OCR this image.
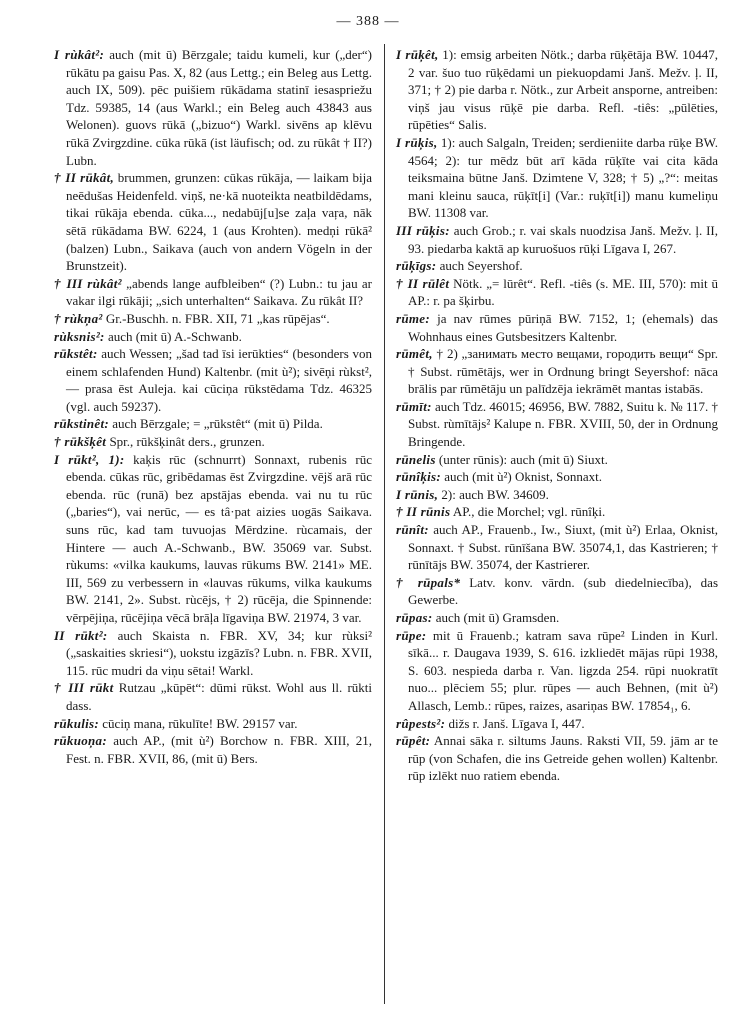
— 388 —

I rùkât²: auch (mit ū) Bērzgale; taidu kumeli, kur („der“) rūkātu pa gaisu Pas. X, 82 (aus Lettg.; ein Beleg aus Lettg. auch IX, 509). pēc puišiem rūkādama statinī iesaspriežu Tdz. 59385, 14 (aus Warkl.; ein Beleg auch 43843 aus Welonen). guovs rūkā („bizuo“) Warkl. sivēns ap klēvu rūkā Zvirgzdine. cūka rūkā (ist läufisch; od. zu rūkât † II?) Lubn.

† II rūkât, brummen, grunzen: cūkas rūkāja, — laikam bija neēdušas Heidenfeld. viņš, ne·kā nuoteikta neatbildēdams, tikai rūkāja ebenda. cūka..., nedabūj[u]se zaļa vaŗa, nāk sētā rūkādama BW. 6224, 1 (aus Krohten). medņi rūkā² (balzen) Lubn., Saikava (auch von andern Vögeln in der Brunstzeit).

† III rùkât² „abends lange aufbleiben“ (?) Lubn.: tu jau ar vakar ilgi rūkāji; „sich unterhalten“ Saikava. Zu rūkât II?

† rùkņa² Gr.-Buschh. n. FBR. XII, 71 „kas rūpējas“.

rùksnis²: auch (mit ū) A.-Schwanb.

rūkstêt: auch Wessen; „šad tad īsi ierūkties“ (besonders von einem schlafenden Hund) Kaltenbr. (mit ù²); sivēņi rùkst², — prasa ēst Auleja. kai cūciņa rūkstēdama Tdz. 46325 (vgl. auch 59237).

rūkstinêt: auch Bērzgale; = „rūkstêt“ (mit ū) Pilda.

† rūkšķêt Spr., rūkšķinât ders., grunzen.

I rūkt², 1): kaķis rūc (schnurrt) Sonnaxt, rubenis rūc ebenda. cūkas rūc, gribēdamas ēst Zvirgzdine. vējš arā rūc ebenda. rūc (runā) bez apstājas ebenda. vai nu tu rūc („baries“), vai nerūc, — es tâ·pat aizies uogās Saikava. suns rūc, kad tam tuvuojas Mērdzine. rùcamais, der Hintere — auch A.-Schwanb., BW. 35069 var. Subst. rùkums: «vilka kaukums, lauvas rūkums BW. 2141» ME. III, 569 zu verbessern in «lauvas rūkums, vilka kaukums BW. 2141, 2». Subst. rùcējs, † 2) rūcēja, die Spinnende: vērpējiņa, rūcējiņa vēcā brāļa līgaviņa BW. 21974, 3 var.

II rūkt²: auch Skaista n. FBR. XV, 34; kur rùksi² („saskaities skriesi“), uokstu izgāzīs? Lubn. n. FBR. XVII, 115. rūc mudri da viņu sētai! Warkl.

† III rūkt Rutzau „kūpēt“: dūmi rūkst. Wohl aus ll. rūkti dass.

rūkulis: cūciņ mana, rūkulīte! BW. 29157 var.

rūkuoņa: auch AP., (mit ù²) Borchow n. FBR. XIII, 21, Fest. n. FBR. XVII, 86, (mit ū) Bers.

I rūķêt, 1): emsig arbeiten Nötk.; darba rūķētāja BW. 10447, 2 var. šuo tuo rūķēdami un piekuopdami Janš. Mežv. ļ. II, 371; † 2) pie darba r. Nötk., zur Arbeit ansporne, antreiben: viņš jau visus rūķē pie darba. Refl. -tiês: „pūlēties, rūpēties“ Salis.

I rūķis, 1): auch Salgaln, Treiden; serdieniite darba rūķe BW. 4564; 2): tur mēdz būt arī kāda rūķīte vai cita kāda teiksmaina būtne Janš. Dzimtene V, 328; † 5) „?“: meitas mani kleinu sauca, rūķīt[i] (Var.: ruķīt[i]) manu kumeliņu BW. 11308 var.

III rūķis: auch Grob.; r. vai skals nuodzisa Janš. Mežv. ļ. II, 93. piedarba kaktā ap kuruošuos rūķi Līgava I, 267.

rūķīgs: auch Seyershof.

† II rūlêt Nötk. „= lūrêt“. Refl. -tiês (s. ME. III, 570): mit ū AP.: r. pa šķirbu.

rūme: ja nav rūmes pūriņā BW. 7152, 1; (ehemals) das Wohnhaus eines Gutsbesitzers Kaltenbr.

rūmêt, † 2) „занимать место вещами, городить вещи“ Spr. † Subst. rūmētājs, wer in Ordnung bringt Seyershof: nāca brālis par rūmētāju un palīdzēja iekrāmēt mantas istabās.

rūmīt: auch Tdz. 46015; 46956, BW. 7882, Suitu k. № 117. † Subst. rùmītājs² Kalupe n. FBR. XVIII, 50, der in Ordnung Bringende.

rūnelis (unter rūnis): auch (mit ū) Siuxt.

rūnîķis: auch (mit ù²) Oknist, Sonnaxt.

I rūnis, 2): auch BW. 34609.

† II rūnis AP., die Morchel; vgl. rūnîķi.

rūnît: auch AP., Frauenb., Iw., Siuxt, (mit ù²) Erlaa, Oknist, Sonnaxt. † Subst. rūnīšana BW. 35074,1, das Kastrieren; † rūnītājs BW. 35074, der Kastrierer.

† rūpals* Latv. konv. vārdn. (sub diedelniecība), das Gewerbe.

rūpas: auch (mit ū) Gramsden.

rūpe: mit ū Frauenb.; katram sava rūpe² Linden in Kurl. sīkā... r. Daugava 1939, S. 616. izkliedēt mājas rūpi 1938, S. 603. nespieda darba r. Van. ligzda 254. rūpi nuokratīt nuo... plēciem 55; plur. rūpes — auch Behnen, (mit ù²) Allasch, Lemb.: rūpes, raizes, asariņas BW. 17854₁, 6.

rûpests²: dižs r. Janš. Līgava I, 447.

rūpêt: Annai sāka r. siltums Jauns. Raksti VII, 59. jām ar te rūp (von Schafen, die ins Getreide gehen wollen) Kaltenbr. rūp izlēkt nuo ratiem ebenda.
